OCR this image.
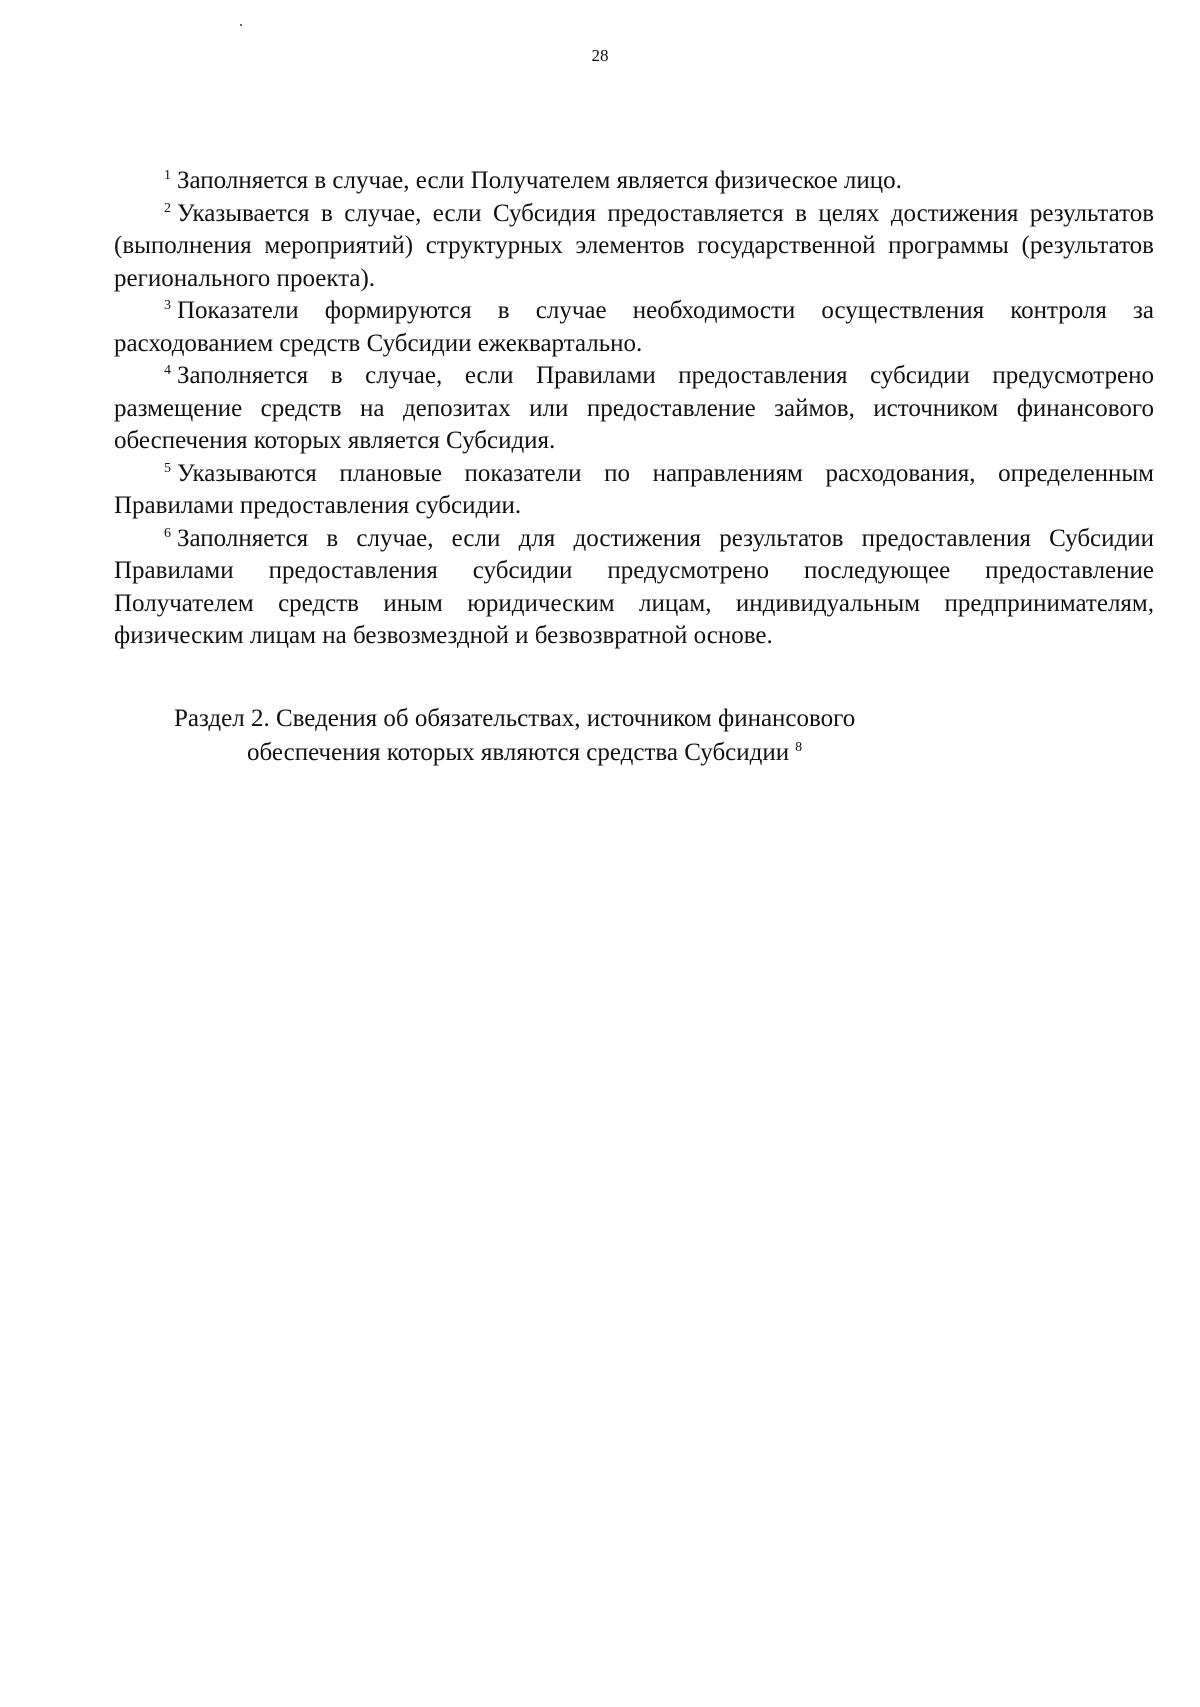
28

$^1$ Заполняется в случае, если Получателем является физическое лицо.

$^2$ Указывается в случае, если Субсидия предоставляется в целях достижения результатов (выполнения мероприятий) структурных элементов государственной программы (результатов регионального проекта).

$^3$ Показатели формируются в случае необходимости осуществления контроля за расходованием средств Субсидии ежеквартально.

$^4$ Заполняется в случае, если Правилами предоставления субсидии предусмотрено размещение средств на депозитах или предоставление займов, источником финансового обеспечения которых является Субсидия.

$^5$ Указываются плановые показатели по направлениям расходования, определенным Правилами предоставления субсидии.

$^6$ Заполняется в случае, если для достижения результатов предоставления Субсидии Правилами предоставления субсидии предусмотрено последующее предоставление Получателем средств иным юридическим лицам, индивидуальным предпринимателям, физическим лицам на безвозмездной и безвозвратной основе.

Раздел 2. Сведения об обязательствах, источником финансового
обеспечения которых являются средства Субсидии $^8$
